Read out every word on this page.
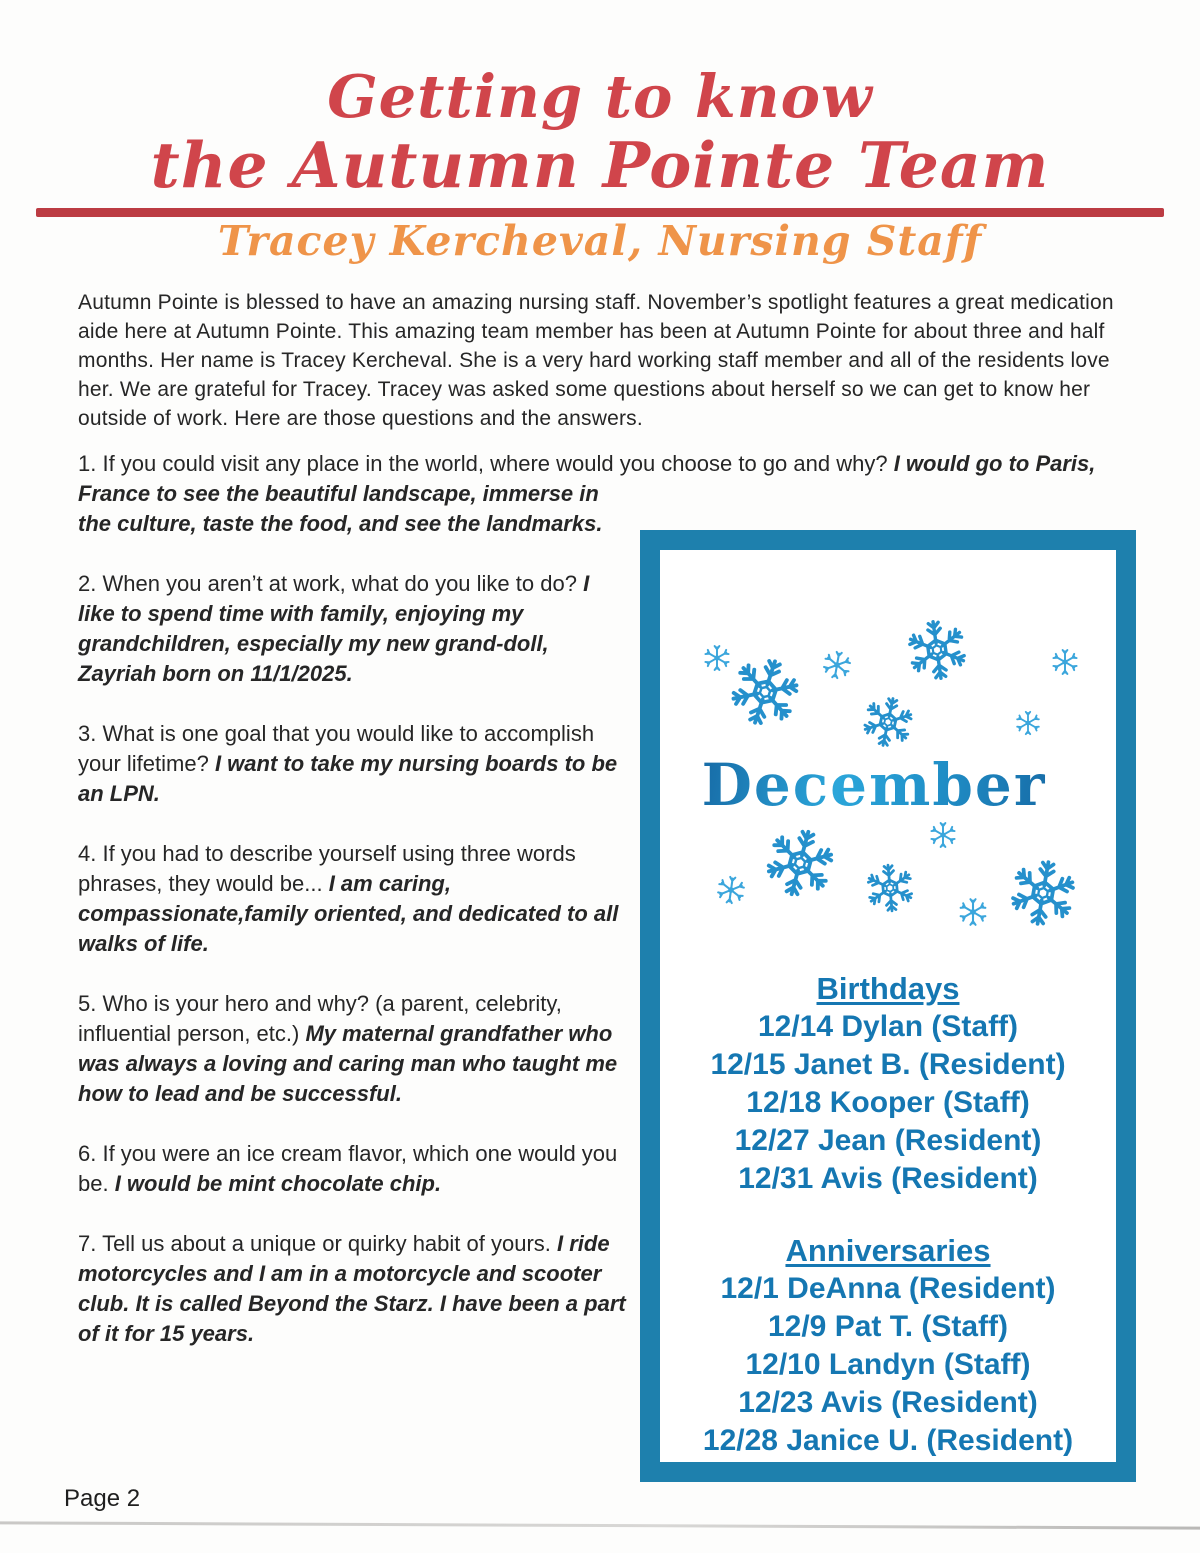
Getting to know
the Autumn Pointe Team
Tracey Kercheval, Nursing Staff

Autumn Pointe is blessed to have an amazing nursing staff. November’s spotlight features a great medication aide here at Autumn Pointe. This amazing team member has been at Autumn Pointe for about three and half months. Her name is Tracey Kercheval. She is a very hard working staff member and all of the residents love her. We are grateful for Tracey. Tracey was asked some questions about herself so we can get to know her outside of work. Here are those questions and the answers.

1. If you could visit any place in the world, where would you choose to go and why? I would go to Paris, France to see the beautiful landscape, immerse in the culture, taste the food, and see the landmarks.

2. When you aren’t at work, what do you like to do? I like to spend time with family, enjoying my grandchildren, especially my new grand-doll, Zayriah born on 11/1/2025.

3. What is one goal that you would like to accomplish your lifetime? I want to take my nursing boards to be an LPN.

4. If you had to describe yourself using three words phrases, they would be... I am caring, compassionate,family oriented, and dedicated to all walks of life.

5. Who is your hero and why? (a parent, celebrity, influential person, etc.) My maternal grandfather who was always a loving and caring man who taught me how to lead and be successful.

6. If you were an ice cream flavor, which one would you be. I would be mint chocolate chip.

7. Tell us about a unique or quirky habit of yours. I ride motorcycles and I am in a motorcycle and scooter club. It is called Beyond the Starz. I have been a part of it for 15 years.

December
Birthdays
12/14 Dylan (Staff)
12/15 Janet B. (Resident)
12/18 Kooper (Staff)
12/27 Jean (Resident)
12/31 Avis (Resident)
Anniversaries
12/1 DeAnna (Resident)
12/9 Pat T. (Staff)
12/10 Landyn (Staff)
12/23 Avis (Resident)
12/28 Janice U. (Resident)
Page 2
